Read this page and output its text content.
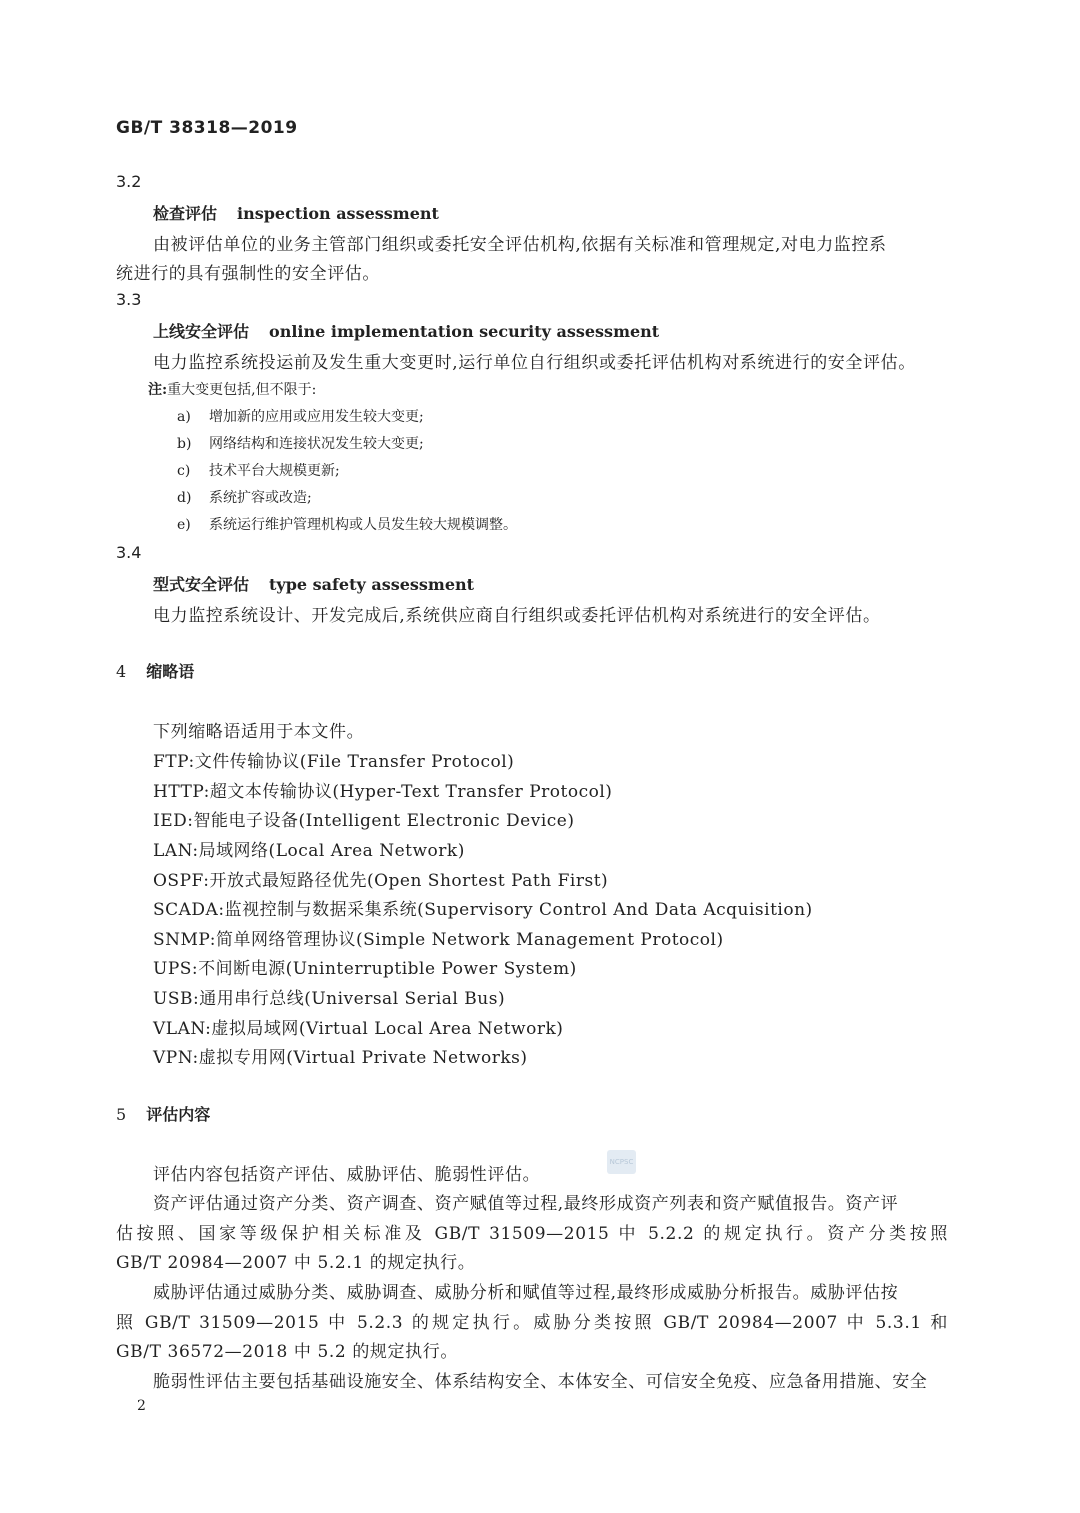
GB/T 38318—2019
3.2
检查评估 inspection assessment
由被评估单位的业务主管部门组织或委托安全评估机构,依据有关标准和管理规定,对电力监控系
统进行的具有强制性的安全评估。
3.3
上线安全评估 online implementation security assessment
电力监控系统投运前及发生重大变更时,运行单位自行组织或委托评估机构对系统进行的安全评估。
注:重大变更包括,但不限于:
a) 增加新的应用或应用发生较大变更;
b) 网络结构和连接状况发生较大变更;
c) 技术平台大规模更新;
d) 系统扩容或改造;
e) 系统运行维护管理机构或人员发生较大规模调整。
3.4
型式安全评估 type safety assessment
电力监控系统设计、开发完成后,系统供应商自行组织或委托评估机构对系统进行的安全评估。
4 缩略语
下列缩略语适用于本文件。
FTP:文件传输协议(File Transfer Protocol)
HTTP:超文本传输协议(Hyper-Text Transfer Protocol)
IED:智能电子设备(Intelligent Electronic Device)
LAN:局域网络(Local Area Network)
OSPF:开放式最短路径优先(Open Shortest Path First)
SCADA:监视控制与数据采集系统(Supervisory Control And Data Acquisition)
SNMP:简单网络管理协议(Simple Network Management Protocol)
UPS:不间断电源(Uninterruptible Power System)
USB:通用串行总线(Universal Serial Bus)
VLAN:虚拟局域网(Virtual Local Area Network)
VPN:虚拟专用网(Virtual Private Networks)
5 评估内容
评估内容包括资产评估、威胁评估、脆弱性评估。
NCPSC
资产评估通过资产分类、资产调查、资产赋值等过程,最终形成资产列表和资产赋值报告。资产评
估按照、国家等级保护相关标准及 GB/T 31509—2015 中 5.2.2 的规定执行。资产分类按照
GB/T 20984—2007 中 5.2.1 的规定执行。
威胁评估通过威胁分类、威胁调查、威胁分析和赋值等过程,最终形成威胁分析报告。威胁评估按
照 GB/T 31509—2015 中 5.2.3 的规定执行。威胁分类按照 GB/T 20984—2007 中 5.3.1 和
GB/T 36572—2018 中 5.2 的规定执行。
脆弱性评估主要包括基础设施安全、体系结构安全、本体安全、可信安全免疫、应急备用措施、安全
2
